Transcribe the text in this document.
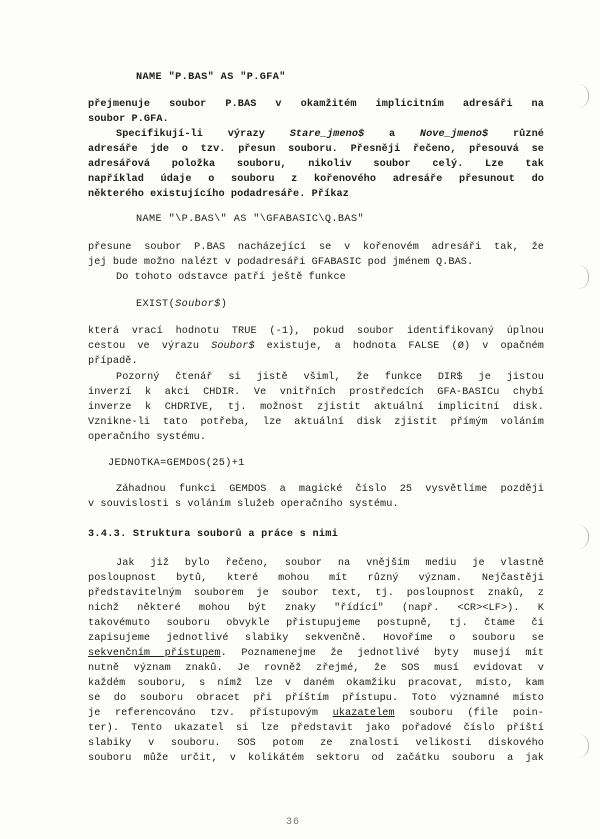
NAME "P.BAS" AS "P.GFA"
přejmenuje soubor P.BAS v okamžitém implicitním adresáři na
soubor P.GFA.
Specifikují-li výrazy Stare_jmeno$ a Nove_jmeno$ různé
adresáře jde o tzv. přesun souboru. Přesněji řečeno, přesouvá se
adresářová položka souboru, nikoliv soubor celý. Lze tak
například údaje o souboru z kořenového adresáře přesunout do
některého existujícího podadresáře. Příkaz
NAME "\P.BAS\" AS "\GFABASIC\Q.BAS"
přesune soubor P.BAS nacházející se v kořenovém adresáři tak, že
jej bude možno nalézt v podadresáři GFABASIC pod jménem Q.BAS.
Do tohoto odstavce patří ještě funkce
EXIST(Soubor$)
která vrací hodnotu TRUE (-1), pokud soubor identifikovaný úplnou
cestou ve výrazu Soubor$ existuje, a hodnota FALSE (Ø) v opačném
případě.
Pozorný čtenář si jistě všiml, že funkce DIR$ je jistou
inverzí k akci CHDIR. Ve vnitřních prostředcích GFA-BASICu chybí
inverze k CHDRIVE, tj. možnost zjistit aktuální implicitní disk.
Vznikne-li tato potřeba, lze aktuální disk zjistit přímým voláním
operačního systému.
JEDNOTKA=GEMDOS(25)+1
Záhadnou funkci GEMDOS a magické číslo 25 vysvětlíme později
v souvislosti s voláním služeb operačního systému.
3.4.3. Struktura souborů a práce s nimi
Jak již bylo řečeno, soubor na vnějším mediu je vlastně
posloupnost bytů, které mohou mít různý význam. Nejčastěji
představitelným souborem je soubor text, tj. posloupnost znaků, z
nichž některé mohou být znaky "řídící" (např. <CR><LF>). K
takovémuto souboru obvykle přistupujeme postupně, tj. čtame či
zapisujeme jednotlivé slabiky sekvenčně. Hovoříme o souboru se
sekvenčním přístupem. Poznamenejme že jednotlivé byty musejí mít
nutně význam znaků. Je rovněž zřejmé, že SOS musí evidovat v
každém souboru, s nímž lze v daném okamžiku pracovat, místo, kam
se do souboru obracet při příštím přístupu. Toto významné místo
je referencováno tzv. přístupovým ukazatelem souboru (file poin-
ter). Tento ukazatel si lze představit jako pořadové číslo příští
slabiky v souboru. SOS potom ze znalosti velikosti diskového
souboru může určit, v kolikátém sektoru od začátku souboru a jak
36
